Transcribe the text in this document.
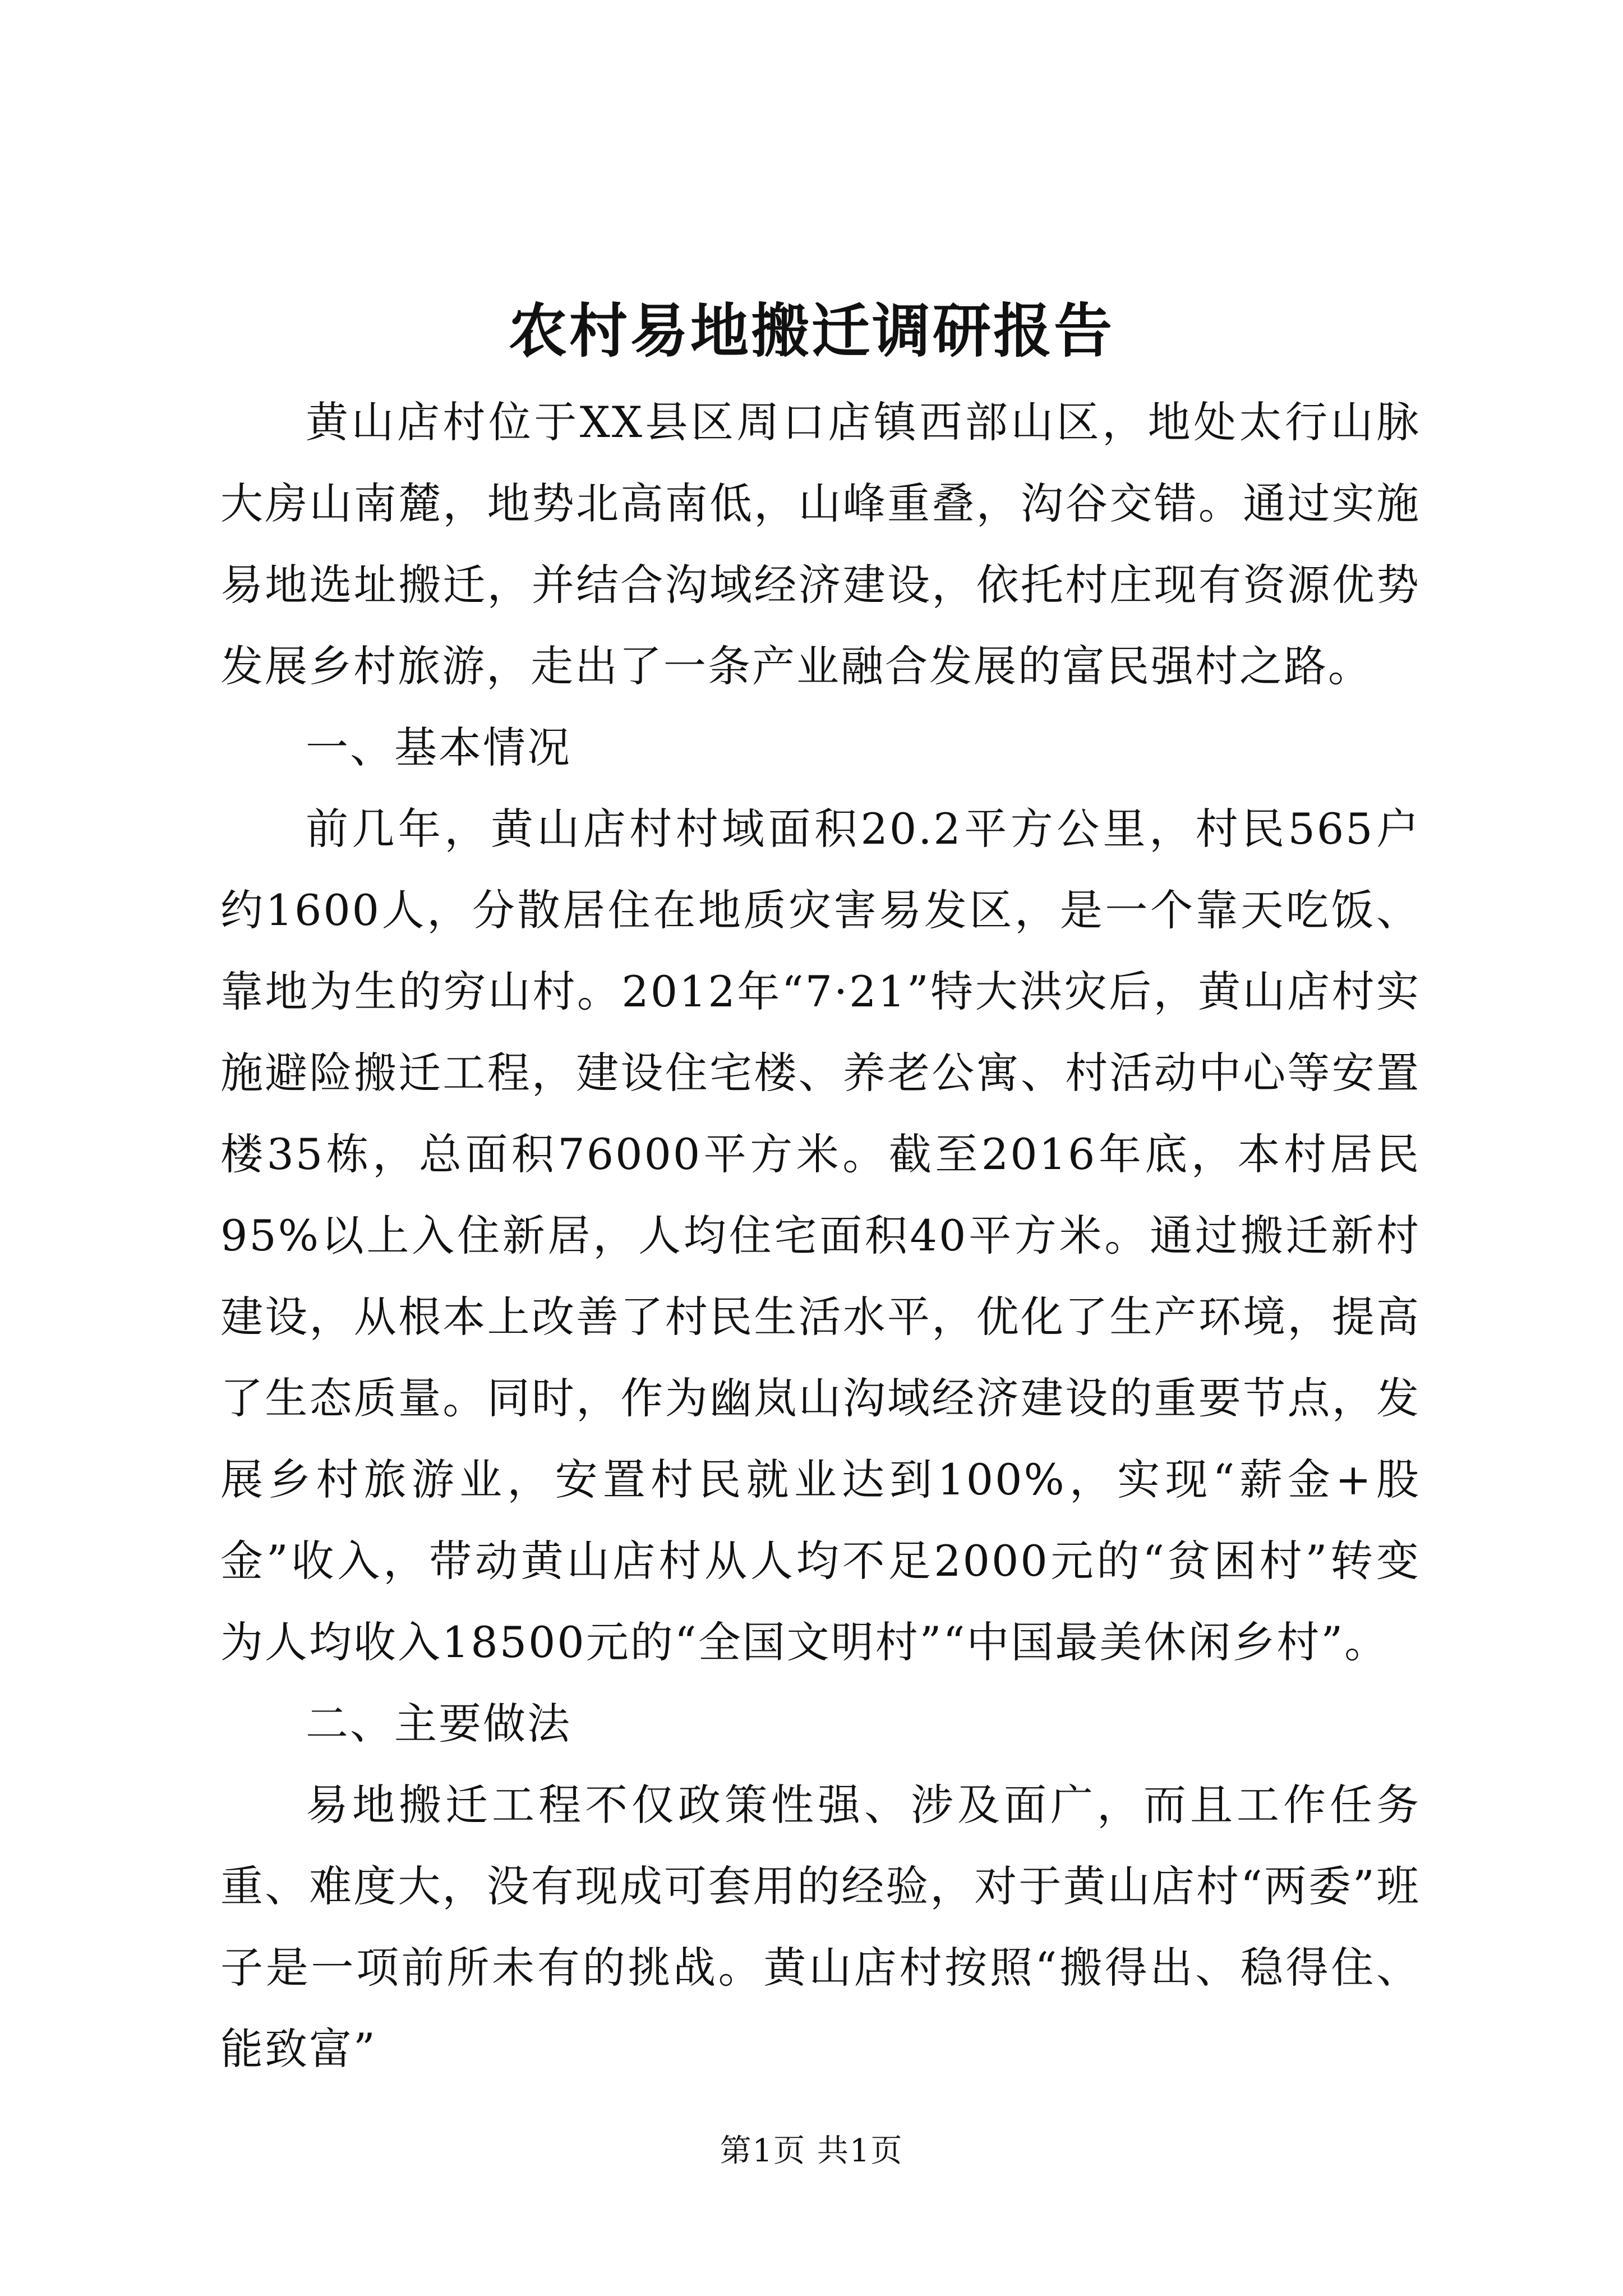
农村易地搬迁调研报告

黄山店村位于XX县区周口店镇西部山区，地处太行山脉大房山南麓，地势北高南低，山峰重叠，沟谷交错。通过实施易地选址搬迁，并结合沟域经济建设，依托村庄现有资源优势发展乡村旅游，走出了一条产业融合发展的富民强村之路。

一、基本情况

前几年，黄山店村村域面积20.2平方公里，村民565户约1600人，分散居住在地质灾害易发区，是一个靠天吃饭、靠地为生的穷山村。2012年“7·21”特大洪灾后，黄山店村实施避险搬迁工程，建设住宅楼、养老公寓、村活动中心等安置楼35栋，总面积76000平方米。截至2016年底，本村居民95%以上入住新居，人均住宅面积40平方米。通过搬迁新村建设，从根本上改善了村民生活水平，优化了生产环境，提高了生态质量。同时，作为幽岚山沟域经济建设的重要节点，发展乡村旅游业，安置村民就业达到100%，实现“薪金+股金”收入，带动黄山店村从人均不足2000元的“贫困村”转变为人均收入18500元的“全国文明村”“中国最美休闲乡村”。

二、主要做法

易地搬迁工程不仅政策性强、涉及面广，而且工作任务重、难度大，没有现成可套用的经验，对于黄山店村“两委”班子是一项前所未有的挑战。黄山店村按照“搬得出、稳得住、能致富”

第1页 共1页
